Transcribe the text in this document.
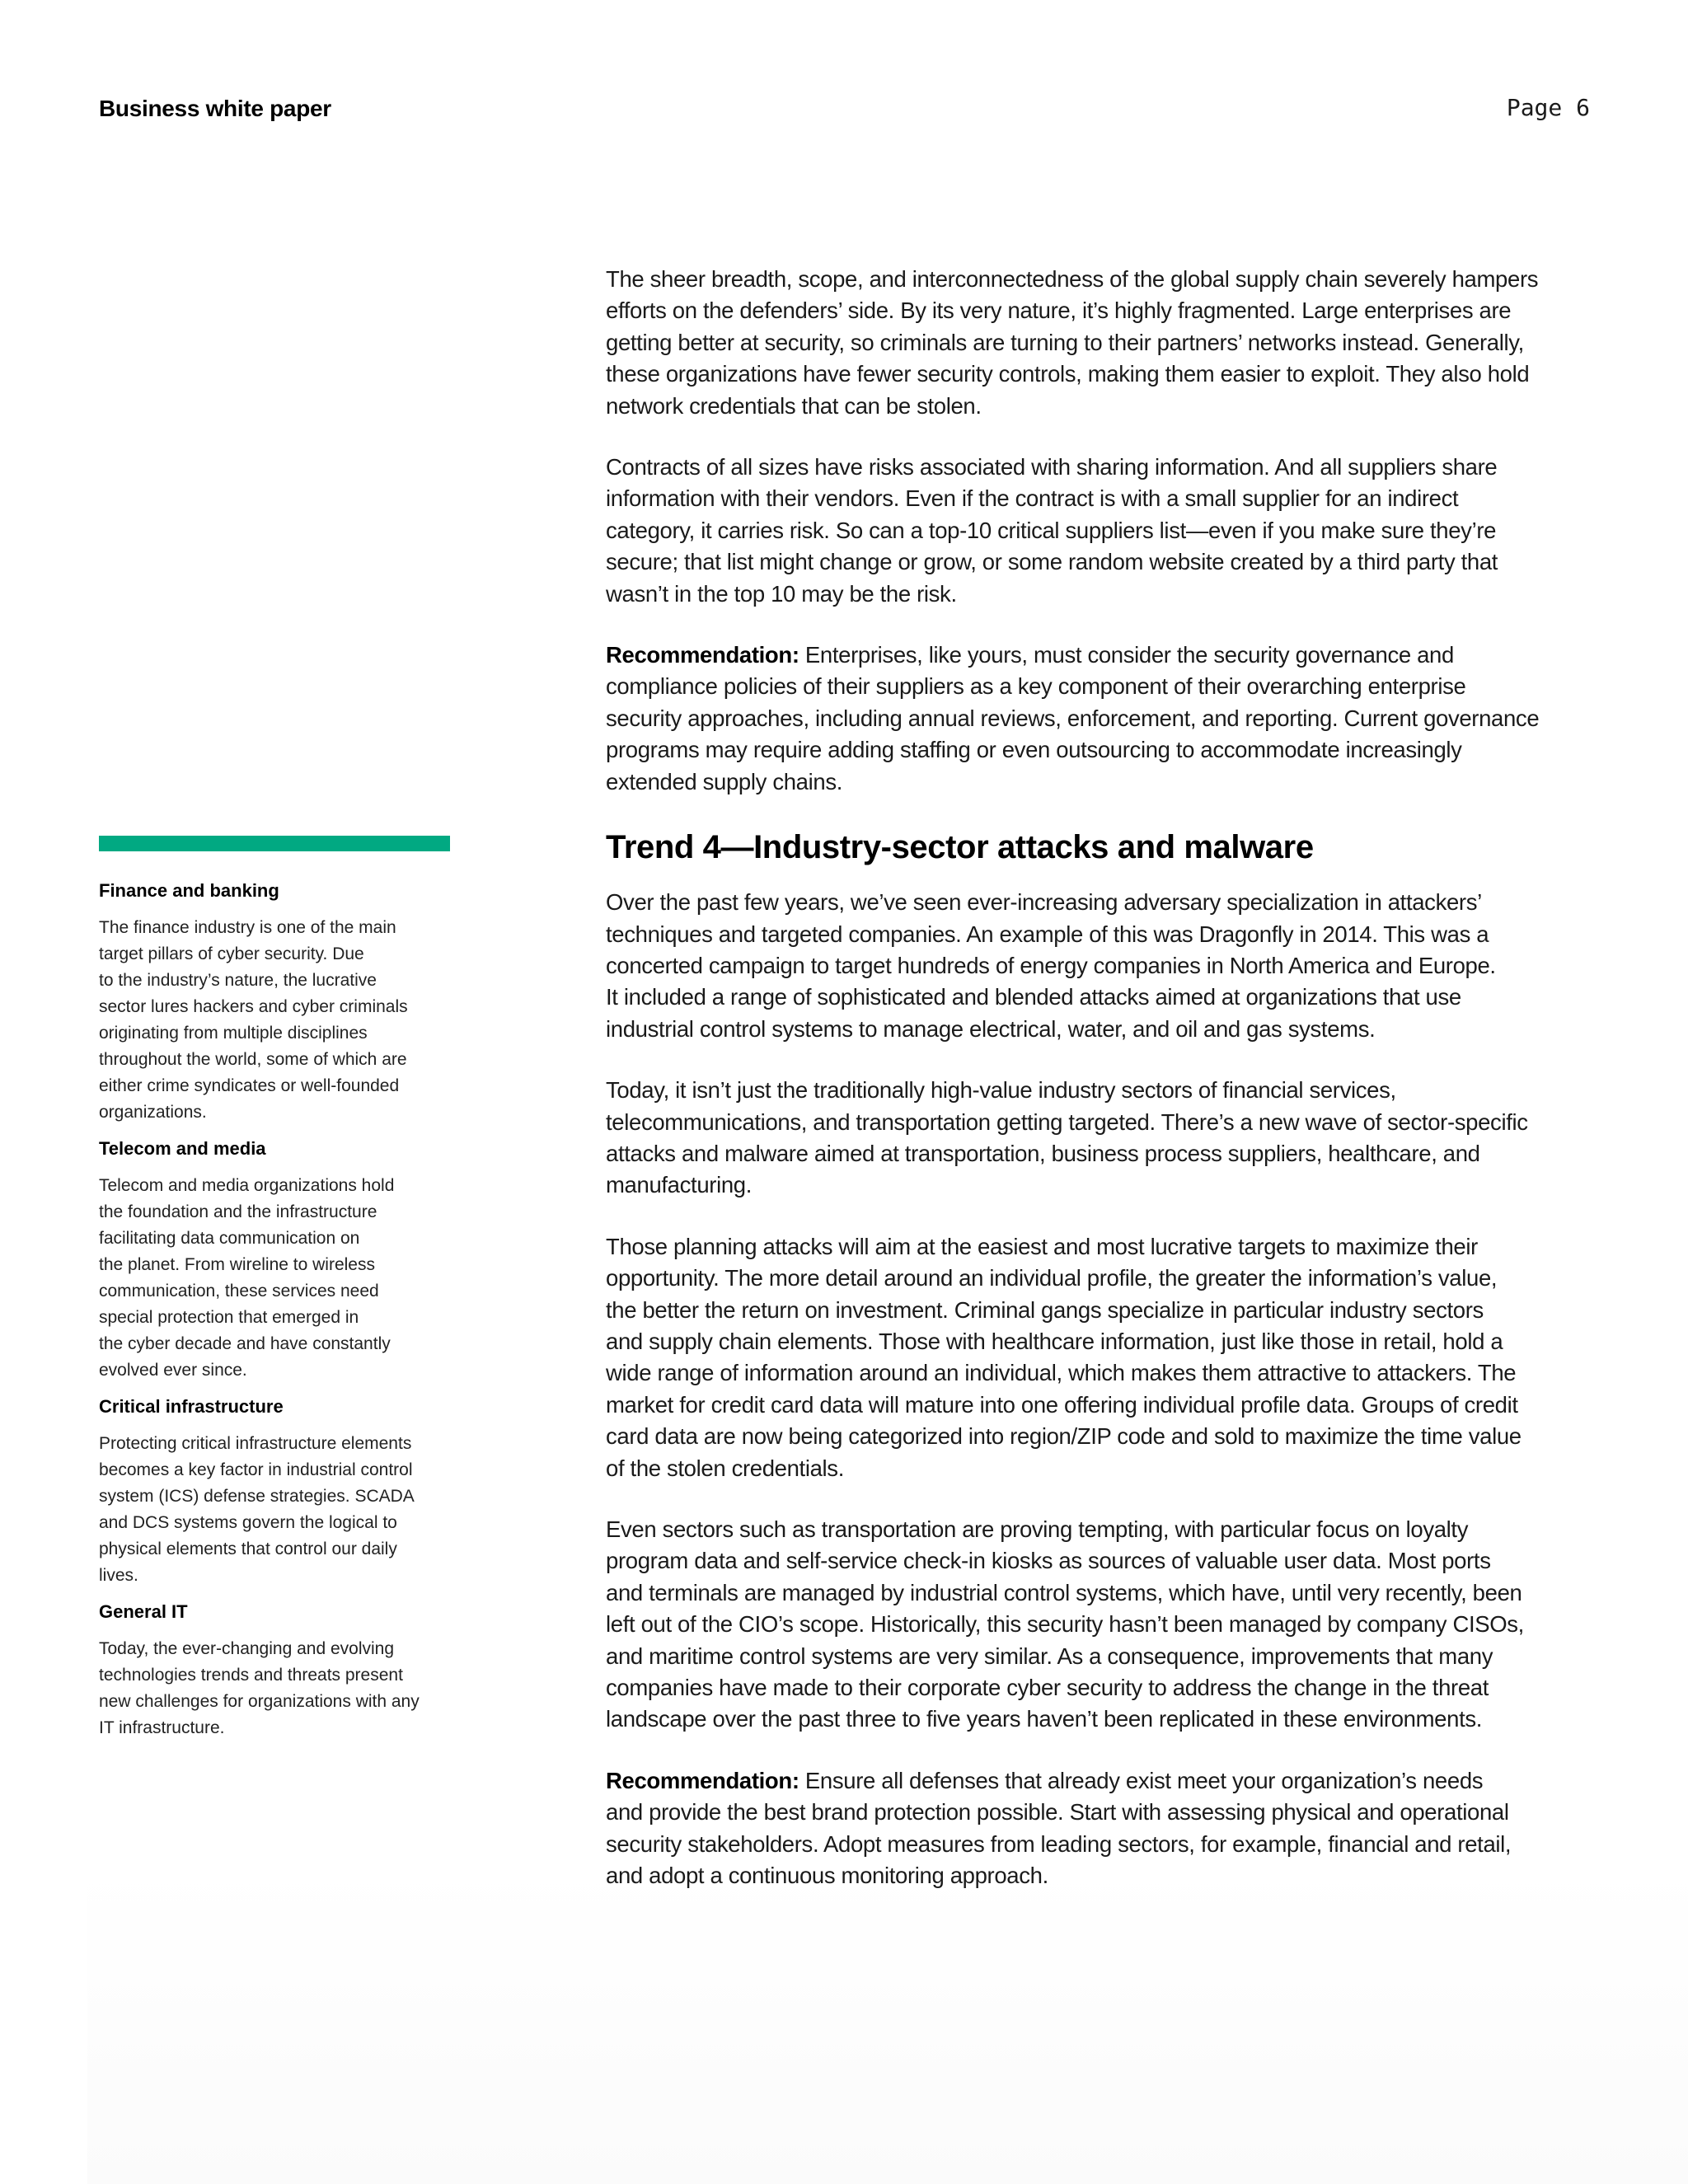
Business white paper	Page 6
Finance and banking
The finance industry is one of the main
target pillars of cyber security. Due
to the industry’s nature, the lucrative
sector lures hackers and cyber criminals
originating from multiple disciplines
throughout the world, some of which are
either crime syndicates or well-founded
organizations.
Telecom and media
Telecom and media organizations hold
the foundation and the infrastructure
facilitating data communication on
the planet. From wireline to wireless
communication, these services need
special protection that emerged in
the cyber decade and have constantly
evolved ever since.
Critical infrastructure
Protecting critical infrastructure elements
becomes a key factor in industrial control
system (ICS) defense strategies. SCADA
and DCS systems govern the logical to
physical elements that control our daily
lives.
General IT
Today, the ever-changing and evolving
technologies trends and threats present
new challenges for organizations with any
IT infrastructure.

The sheer breadth, scope, and interconnectedness of the global supply chain severely hampers
efforts on the defenders’ side. By its very nature, it’s highly fragmented. Large enterprises are
getting better at security, so criminals are turning to their partners’ networks instead. Generally,
these organizations have fewer security controls, making them easier to exploit. They also hold
network credentials that can be stolen.

Contracts of all sizes have risks associated with sharing information. And all suppliers share
information with their vendors. Even if the contract is with a small supplier for an indirect
category, it carries risk. So can a top-10 critical suppliers list—even if you make sure they’re
secure; that list might change or grow, or some random website created by a third party that
wasn’t in the top 10 may be the risk.

Recommendation: Enterprises, like yours, must consider the security governance and
compliance policies of their suppliers as a key component of their overarching enterprise
security approaches, including annual reviews, enforcement, and reporting. Current governance
programs may require adding staffing or even outsourcing to accommodate increasingly
extended supply chains.

Trend 4—Industry-sector attacks and malware

Over the past few years, we’ve seen ever-increasing adversary specialization in attackers’
techniques and targeted companies. An example of this was Dragonfly in 2014. This was a
concerted campaign to target hundreds of energy companies in North America and Europe.
It included a range of sophisticated and blended attacks aimed at organizations that use
industrial control systems to manage electrical, water, and oil and gas systems.

Today, it isn’t just the traditionally high-value industry sectors of financial services,
telecommunications, and transportation getting targeted. There’s a new wave of sector-specific
attacks and malware aimed at transportation, business process suppliers, healthcare, and
manufacturing.

Those planning attacks will aim at the easiest and most lucrative targets to maximize their
opportunity. The more detail around an individual profile, the greater the information’s value,
the better the return on investment. Criminal gangs specialize in particular industry sectors
and supply chain elements. Those with healthcare information, just like those in retail, hold a
wide range of information around an individual, which makes them attractive to attackers. The
market for credit card data will mature into one offering individual profile data. Groups of credit
card data are now being categorized into region/ZIP code and sold to maximize the time value
of the stolen credentials.

Even sectors such as transportation are proving tempting, with particular focus on loyalty
program data and self-service check-in kiosks as sources of valuable user data. Most ports
and terminals are managed by industrial control systems, which have, until very recently, been
left out of the CIO’s scope. Historically, this security hasn’t been managed by company CISOs,
and maritime control systems are very similar. As a consequence, improvements that many
companies have made to their corporate cyber security to address the change in the threat
landscape over the past three to five years haven’t been replicated in these environments.

Recommendation: Ensure all defenses that already exist meet your organization’s needs
and provide the best brand protection possible. Start with assessing physical and operational
security stakeholders. Adopt measures from leading sectors, for example, financial and retail,
and adopt a continuous monitoring approach.
